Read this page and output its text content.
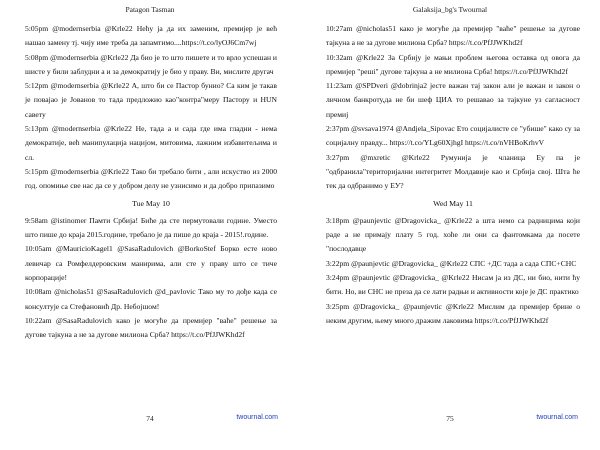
Patagon Tasman

5:05pm @modernserbia @Krle22 Нећу ја да их заменим, премијер је већ нашао замену тј. чију име треба да запамтимо....https://t.co/lyOJ6Cm7wj

5:08pm @modernserbia @Krle22 Да био је то што пишете и то врло успешан и шисте у били заблудни а и за демократију је био у праву. Ви, мислите другач

5:12pm @modernserbia @Krle22 А, што би се Пастор бунио? Са ким је такав је повајао је Јованов то тада предложио као"контра"меру Пастору и НUN савету

5:13pm @modernserbia @Krle22 Не, тада а и сада где има гладни - нема демократије, већ манипулација нацијом, митовима, лажним избавитељима и сл.

5:15pm @modernserbia @Krle22 Тако би требало бити , али искуство из 2000 год. опомиње све нас да се у добром делу не узнисимо и да добро припазимо

Tue May 10

9:58am @istinomer Памти Србија! Биће да сте пермутовали године. Уместо што пише до краја 2015.године, требало је да пише до краја - 2015!.године.

10:05am @MauricioKagel1 @SasaRadulovich @BorkoStef Борко есте ново левичар са Ромфелдеровским манирима, али сте у праву што се тиче корпорације!

10:08am @nicholas51 @SasaRadulovich @d_pavlovic Тако му то дође када се консултује са Стефановић Др. Небојшом!

10:22am @SasaRadulovich како је могуће да премијер "ваће" решење за дугове тајкуна а не за дугове милиона Срба? https://t.co/PfJJWKhd2f

74	twournal.com
Galaksija_bg's Twournal

10:27am @nicholas51 како је могуће да премијер "ваће" решење за дугове тајкуна а не за дугове милиона Срба? https://t.co/PfJJWKhd2f

10:32am @Krle22 За Србију је мањи проблем његова оставка од овога да премијер "решi" дугове тајкуна а не милиона Срба! https://t.co/PfJJWKhd2f

11:23am @SPDveri @dobrinja2 јесте важан тај закон али је важан и закон о личном банкроту,да не би шеф ЦИА то решавао за тајкуне уз сагласност премиј

2:37pm @svsava1974 @Andjela_Sipovac Ето социјалисте се "убише" како су за социјалну правду... https://t.co/YLg60XjhgI https://t.co/nVHBoKrhvV

3:27pm @mxretic @Krle22 Румунија је чланица Еу па је "одбранила"територијални интегритет Молдавије као и Србија своj. Шта ће тек да одбранимо у ЕУ?

Wed May 11

3:18pm @paunjevtic @Dragovicka_ @Krle22 а шта немо са радницима који раде а не примају плату 5 год. хоће ли они са фантомкама да посете "послодавце

3:22pm @paunjevtic @Dragovicka_ @Krle22 СПС +ДС тада а сада СПС+СНС

3:24pm @paunjevtic @Dragovicka_ @Krle22 Нисам ја из ДС, ни био, нити ћу бити. Но, ви СНС не преза да се лати радњи и активности које је ДС практико

3:25pm @Dragovicka_ @paunjevtic @Krle22 Мислим да премијер брине о неким другим, њему много дражим лаковима https://t.co/PfJJWKhd2f

75	twournal.com
